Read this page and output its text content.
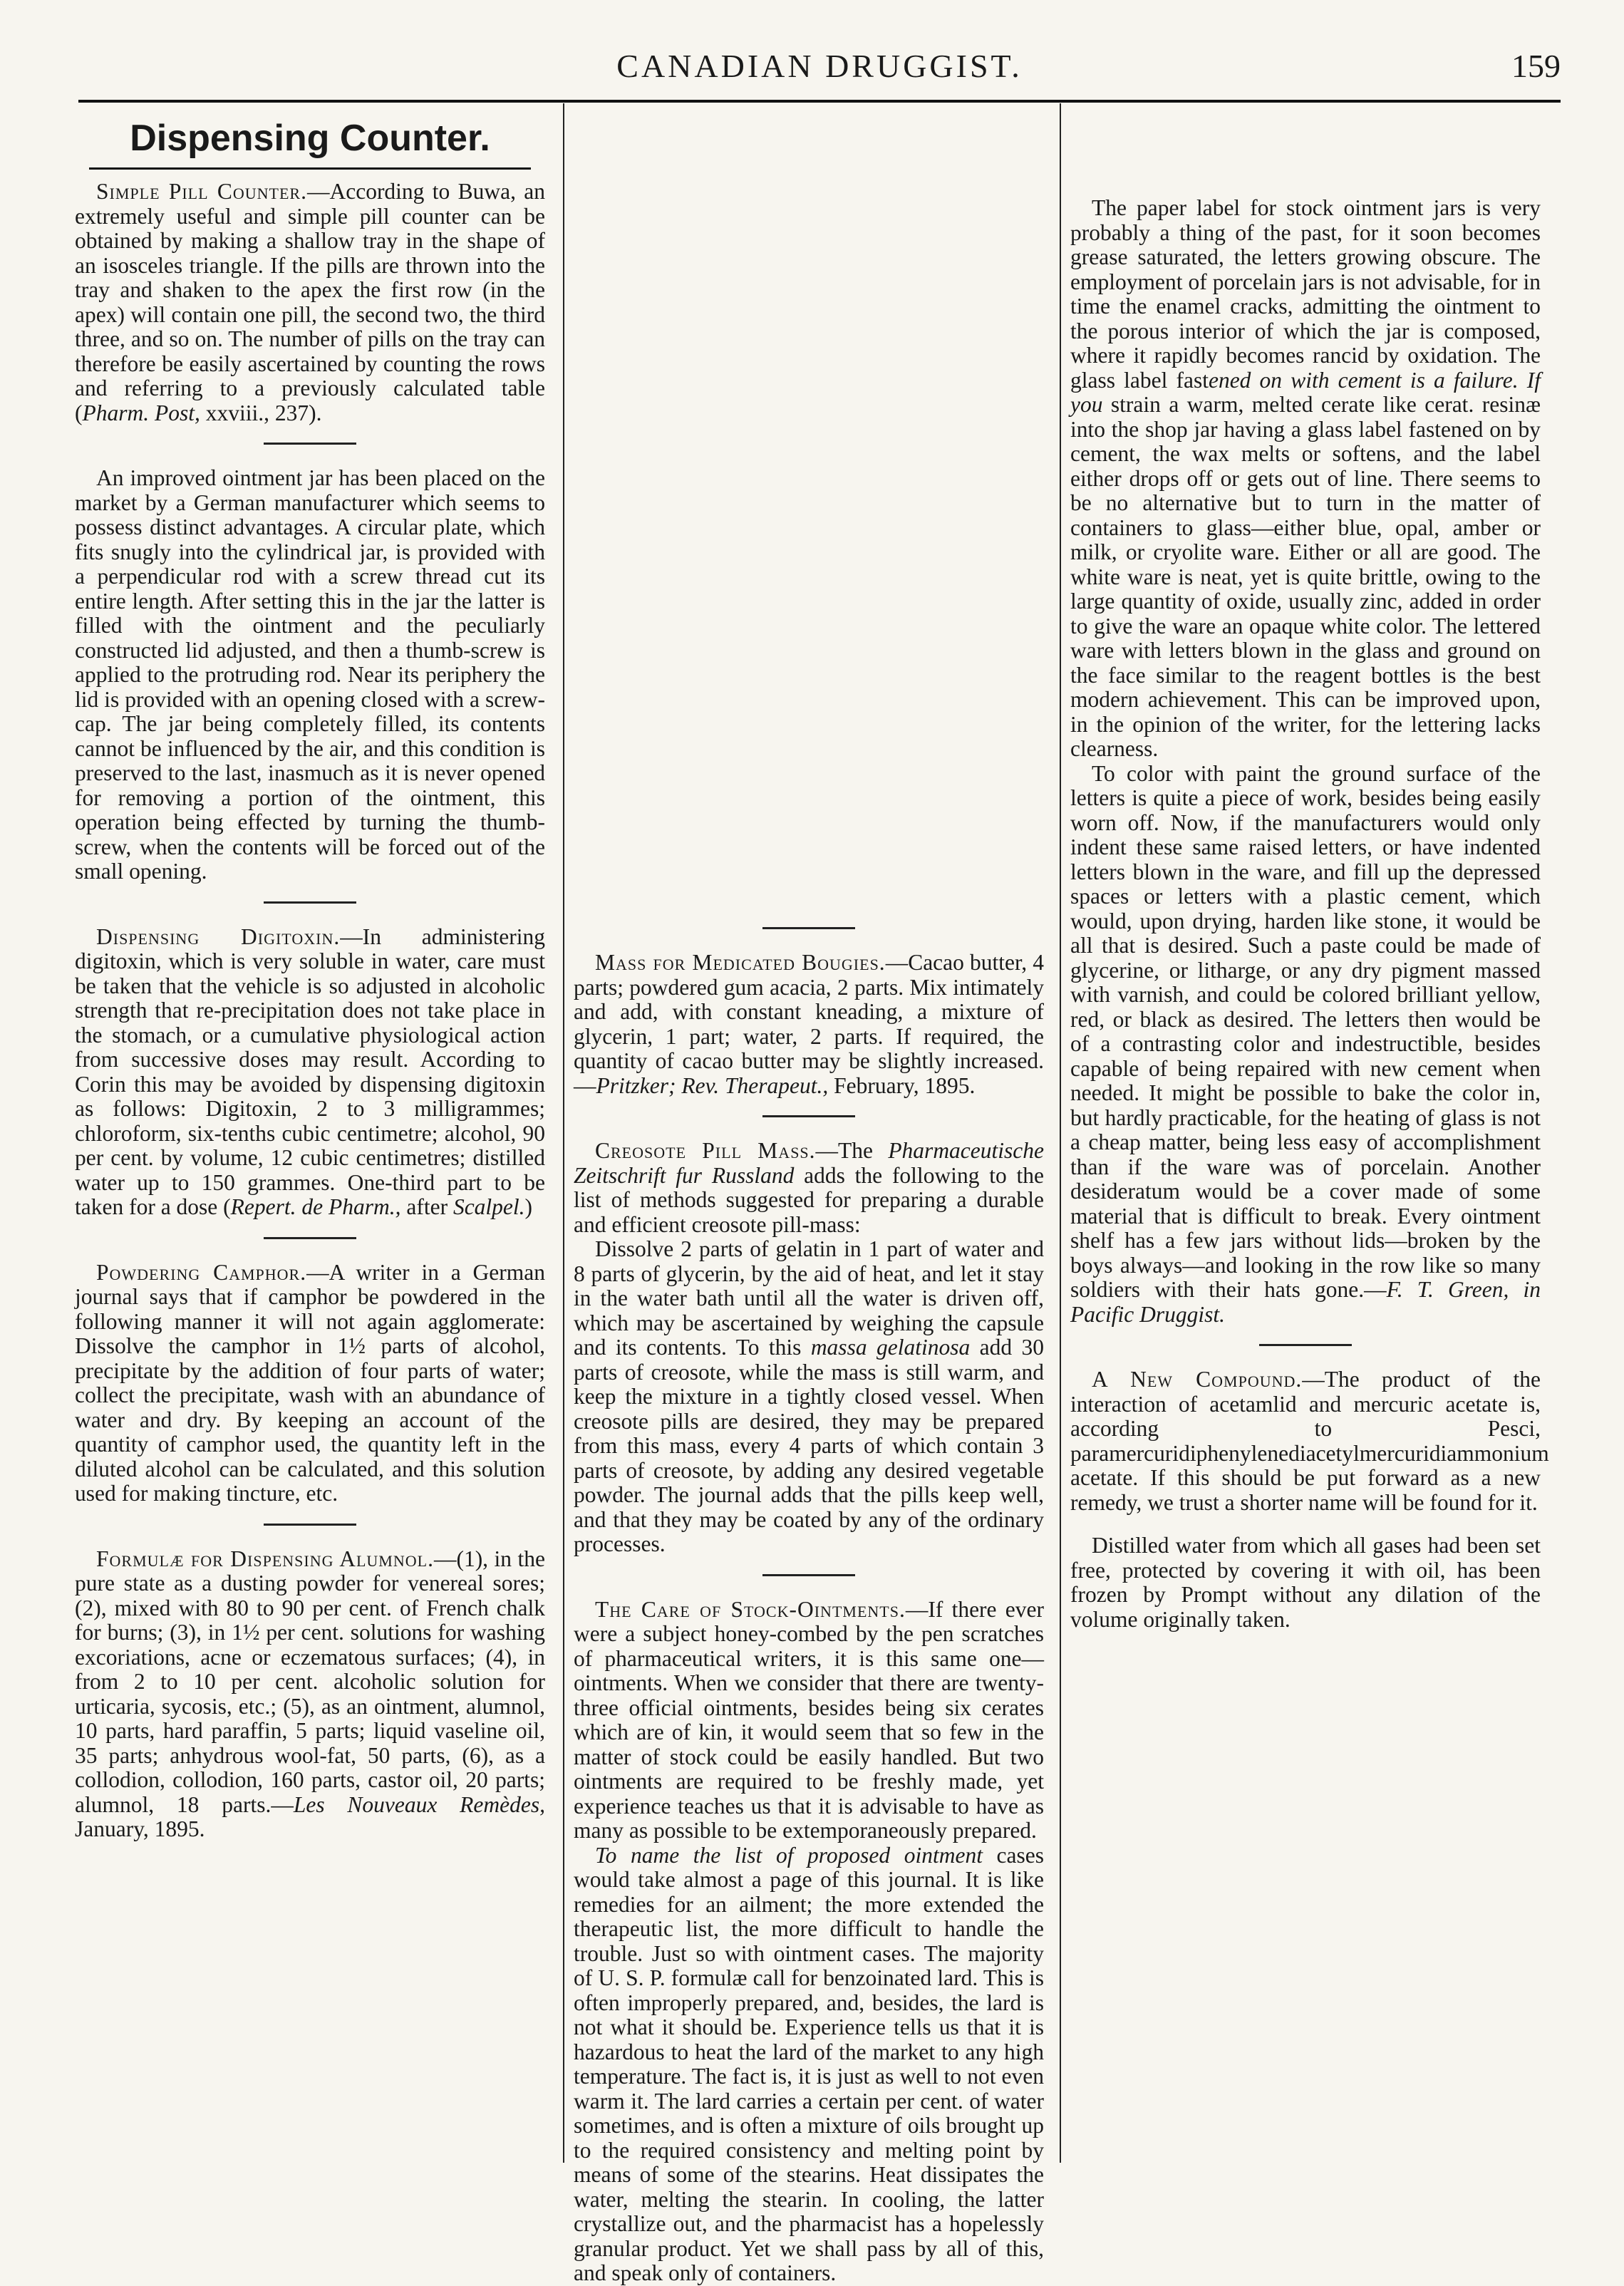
CANADIAN DRUGGIST.	159
Dispensing Counter.

Simple Pill Counter.—According to Buwa, an extremely useful and simple pill counter can be obtained by making a shallow tray in the shape of an isosceles triangle. If the pills are thrown into the tray and shaken to the apex the first row (in the apex) will contain one pill, the second two, the third three, and so on. The number of pills on the tray can therefore be easily ascertained by counting the rows and referring to a previously calculated table (Pharm. Post, xxviii., 237).

An improved ointment jar has been placed on the market by a German manufacturer which seems to possess distinct advantages. A circular plate, which fits snugly into the cylindrical jar, is provided with a perpendicular rod with a screw thread cut its entire length. After setting this in the jar the latter is filled with the ointment and the peculiarly constructed lid adjusted, and then a thumb-screw is applied to the protruding rod. Near its periphery the lid is provided with an opening closed with a screw-cap. The jar being completely filled, its contents cannot be influenced by the air, and this condition is preserved to the last, inasmuch as it is never opened for removing a portion of the ointment, this operation being effected by turning the thumb-screw, when the contents will be forced out of the small opening.

Dispensing Digitoxin.—In administering digitoxin, which is very soluble in water, care must be taken that the vehicle is so adjusted in alcoholic strength that re-precipitation does not take place in the stomach, or a cumulative physiological action from successive doses may result. According to Corin this may be avoided by dispensing digitoxin as follows: Digitoxin, 2 to 3 milligrammes; chloroform, six-tenths cubic centimetre; alcohol, 90 per cent. by volume, 12 cubic centimetres; distilled water up to 150 grammes. One-third part to be taken for a dose (Repert. de Pharm., after Scalpel.)

Powdering Camphor.—A writer in a German journal says that if camphor be powdered in the following manner it will not again agglomerate: Dissolve the camphor in 1½ parts of alcohol, precipitate by the addition of four parts of water; collect the precipitate, wash with an abundance of water and dry. By keeping an account of the quantity of camphor used, the quantity left in the diluted alcohol can be calculated, and this solution used for making tincture, etc.

Formulæ for Dispensing Alumnol.—(1), in the pure state as a dusting powder for venereal sores; (2), mixed with 80 to 90 per cent. of French chalk for burns; (3), in 1½ per cent. solutions for washing excoriations, acne or eczematous surfaces; (4), in from 2 to 10 per cent. alcoholic solution for urticaria, sycosis, etc.; (5), as an ointment, alumnol, 10 parts, hard paraffin, 5 parts; liquid vaseline oil, 35 parts; anhydrous wool-fat, 50 parts, (6), as a collodion, collodion, 160 parts, castor oil, 20 parts; alumnol, 18 parts.—Les Nouveaux Remèdes, January, 1895.

Mass for Medicated Bougies.—Cacao butter, 4 parts; powdered gum acacia, 2 parts. Mix intimately and add, with constant kneading, a mixture of glycerin, 1 part; water, 2 parts. If required, the quantity of cacao butter may be slightly increased.—Pritzker; Rev. Therapeut., February, 1895.

Creosote Pill Mass.—The Pharmaceutische Zeitschrift fur Russland adds the following to the list of methods suggested for preparing a durable and efficient creosote pill-mass:

Dissolve 2 parts of gelatin in 1 part of water and 8 parts of glycerin, by the aid of heat, and let it stay in the water bath until all the water is driven off, which may be ascertained by weighing the capsule and its contents. To this massa gelatinosa add 30 parts of creosote, while the mass is still warm, and keep the mixture in a tightly closed vessel. When creosote pills are desired, they may be prepared from this mass, every 4 parts of which contain 3 parts of creosote, by adding any desired vegetable powder. The journal adds that the pills keep well, and that they may be coated by any of the ordinary processes.

The Care of Stock-Ointments.—If there ever were a subject honey-combed by the pen scratches of pharmaceutical writers, it is this same one—ointments. When we consider that there are twenty-three official ointments, besides being six cerates which are of kin, it would seem that so few in the matter of stock could be easily handled. But two ointments are required to be freshly made, yet experience teaches us that it is advisable to have as many as possible to be extemporaneously prepared.

To name the list of proposed ointment cases would take almost a page of this journal. It is like remedies for an ailment; the more extended the therapeutic list, the more difficult to handle the trouble. Just so with ointment cases. The majority of U. S. P. formulæ call for benzoinated lard. This is often improperly prepared, and, besides, the lard is not what it should be. Experience tells us that it is hazardous to heat the lard of the market to any high temperature. The fact is, it is just as well to not even warm it. The lard carries a certain per cent. of water sometimes, and is often a mixture of oils brought up to the required consistency and melting point by means of some of the stearins. Heat dissipates the water, melting the stearin. In cooling, the latter crystallize out, and the pharmacist has a hopelessly granular product. Yet we shall pass by all of this, and speak only of containers.

The paper label for stock ointment jars is very probably a thing of the past, for it soon becomes grease saturated, the letters growing obscure. The employment of porcelain jars is not advisable, for in time the enamel cracks, admitting the ointment to the porous interior of which the jar is composed, where it rapidly becomes rancid by oxidation. The glass label fastened on with cement is a failure. If you strain a warm, melted cerate like cerat. resinæ into the shop jar having a glass label fastened on by cement, the wax melts or softens, and the label either drops off or gets out of line. There seems to be no alternative but to turn in the matter of containers to glass—either blue, opal, amber or milk, or cryolite ware. Either or all are good. The white ware is neat, yet is quite brittle, owing to the large quantity of oxide, usually zinc, added in order to give the ware an opaque white color. The lettered ware with letters blown in the glass and ground on the face similar to the reagent bottles is the best modern achievement. This can be improved upon, in the opinion of the writer, for the lettering lacks clearness.

To color with paint the ground surface of the letters is quite a piece of work, besides being easily worn off. Now, if the manufacturers would only indent these same raised letters, or have indented letters blown in the ware, and fill up the depressed spaces or letters with a plastic cement, which would, upon drying, harden like stone, it would be all that is desired. Such a paste could be made of glycerine, or litharge, or any dry pigment massed with varnish, and could be colored brilliant yellow, red, or black as desired. The letters then would be of a contrasting color and indestructible, besides capable of being repaired with new cement when needed. It might be possible to bake the color in, but hardly practicable, for the heating of glass is not a cheap matter, being less easy of accomplishment than if the ware was of porcelain. Another desideratum would be a cover made of some material that is difficult to break. Every ointment shelf has a few jars without lids—broken by the boys always—and looking in the row like so many soldiers with their hats gone.—F. T. Green, in Pacific Druggist.

A New Compound.—The product of the interaction of acetamlid and mercuric acetate is, according to Pesci, paramercuridiphenylenediacetylmercuridiammonium acetate. If this should be put forward as a new remedy, we trust a shorter name will be found for it.

Distilled water from which all gases had been set free, protected by covering it with oil, has been frozen by Prompt without any dilation of the volume originally taken.
